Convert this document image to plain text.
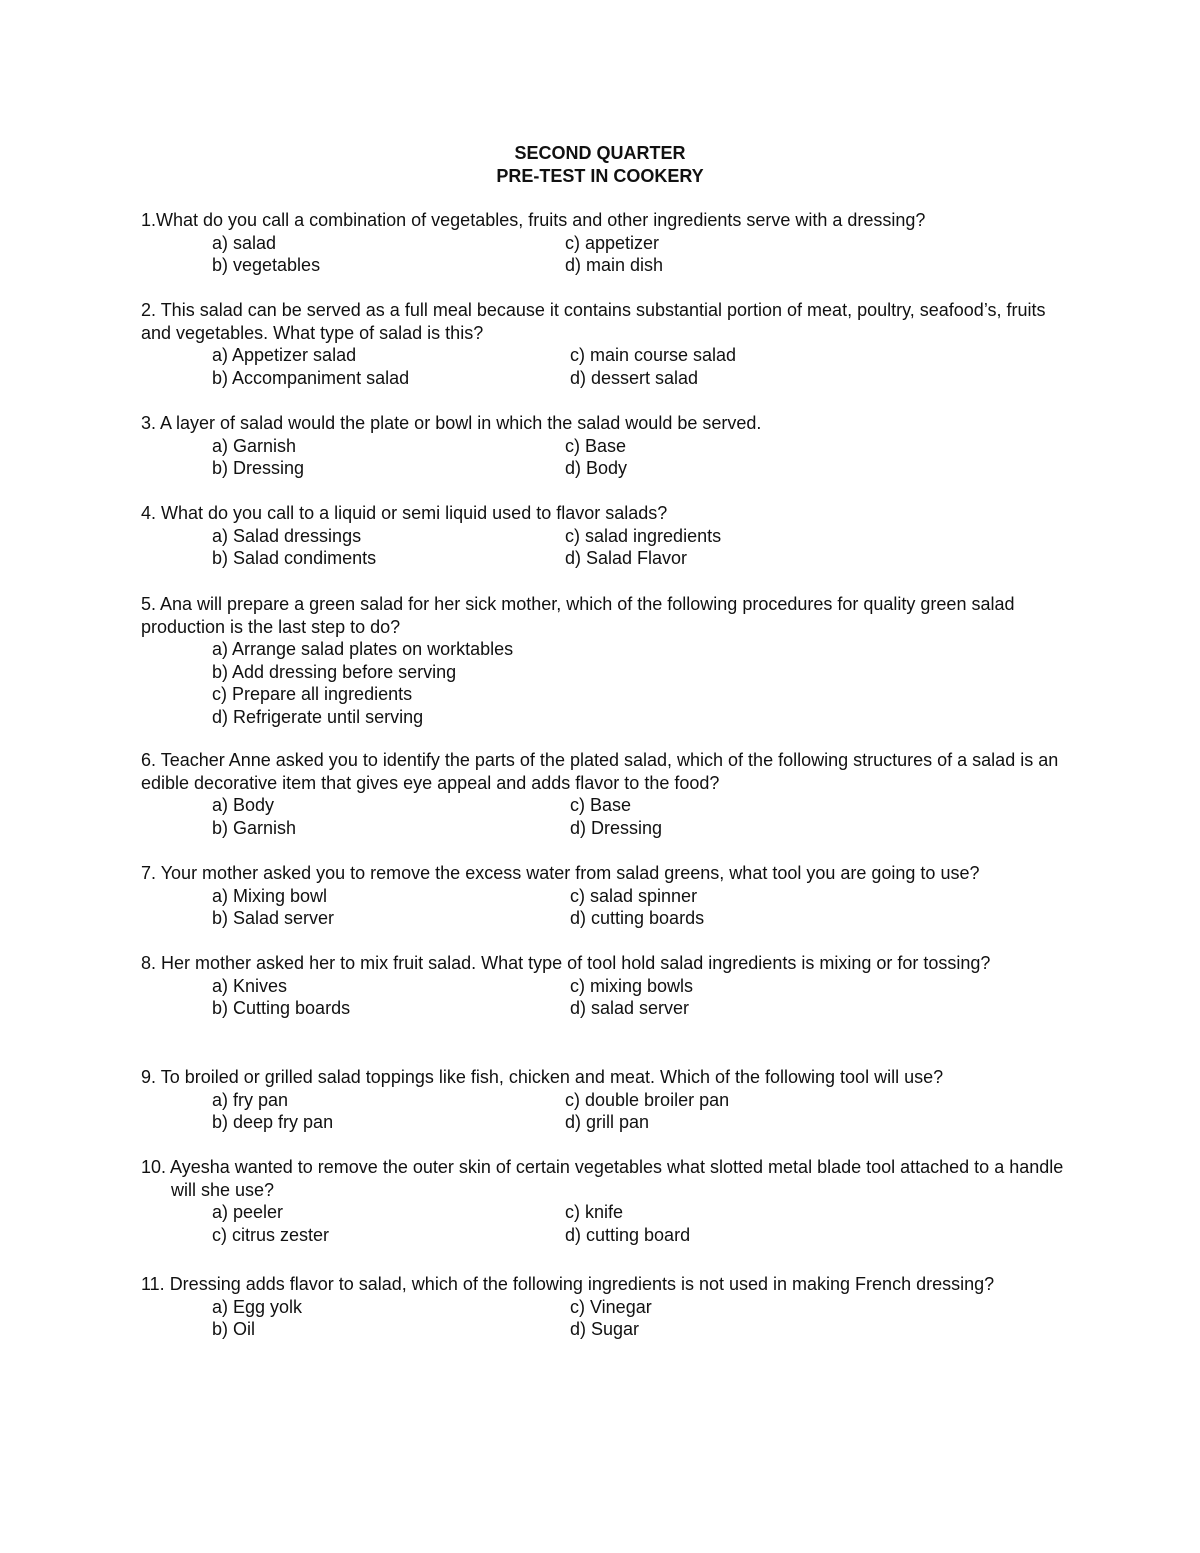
SECOND QUARTER
PRE-TEST IN COOKERY
1.What do you call a combination of vegetables, fruits and other ingredients serve with a dressing?
a) salad	c) appetizer
b) vegetables	d) main dish
2. This salad can be served as a full meal because it contains substantial portion of meat, poultry, seafood’s, fruits and vegetables. What type of salad is this?
a) Appetizer salad	c) main course salad
b) Accompaniment salad	d) dessert salad
3. A layer of salad would the plate or bowl in which the salad would be served.
a) Garnish	c) Base
b) Dressing	d) Body
4. What do you call to a liquid or semi liquid used to flavor salads?
a) Salad dressings	c) salad ingredients
b) Salad condiments	d) Salad Flavor
5. Ana will prepare a green salad for her sick mother, which of the following procedures for quality green salad production is the last step to do?
a) Arrange salad plates on worktables
b) Add dressing before serving
c) Prepare all ingredients
d) Refrigerate until serving
6. Teacher Anne asked you to identify the parts of the plated salad, which of the following structures of a salad is an edible decorative item that gives eye appeal and adds flavor to the food?
a) Body	c) Base
b) Garnish	d) Dressing
7. Your mother asked you to remove the excess water from salad greens, what tool you are going to use?
a) Mixing bowl	c) salad spinner
b) Salad server	d) cutting boards
8. Her mother asked her to mix fruit salad. What type of tool hold salad ingredients is mixing or for tossing?
a) Knives	c) mixing bowls
b) Cutting boards	d) salad server
9. To broiled or grilled salad toppings like fish, chicken and meat. Which of the following tool will use?
a) fry pan	c) double broiler pan
b) deep fry pan	d) grill pan
10. Ayesha wanted to remove the outer skin of certain vegetables what slotted metal blade tool attached to a handle will she use?
a) peeler	c) knife
c) citrus zester	d) cutting board
11. Dressing adds flavor to salad, which of the following ingredients is not used in making French dressing?
a) Egg yolk	c) Vinegar
b) Oil	d) Sugar
